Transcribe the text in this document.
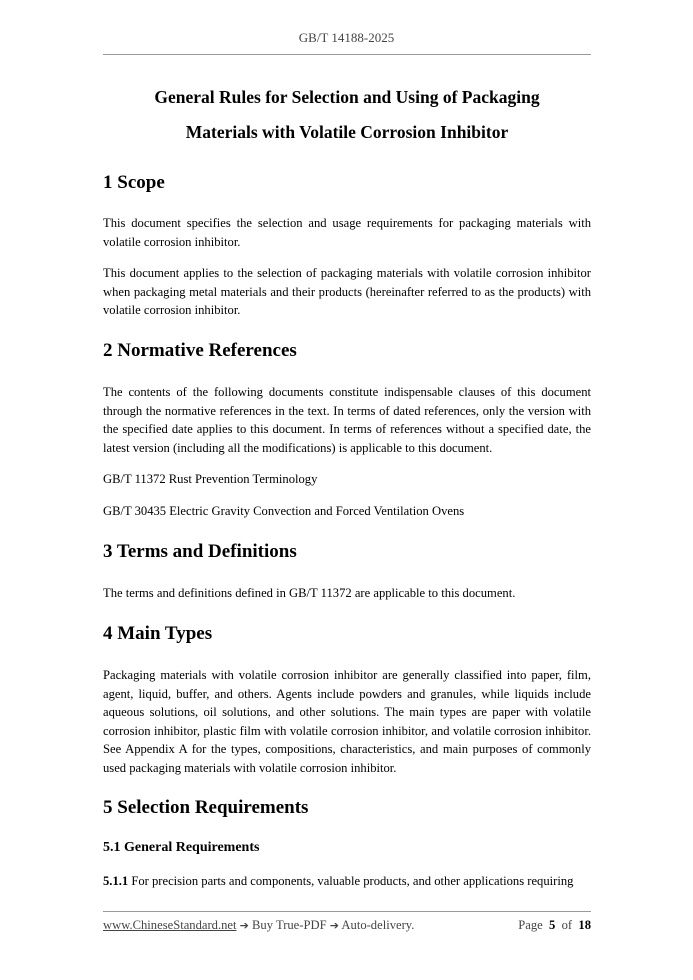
GB/T 14188-2025
General Rules for Selection and Using of Packaging
Materials with Volatile Corrosion Inhibitor
1 Scope
This document specifies the selection and usage requirements for packaging materials with volatile corrosion inhibitor.
This document applies to the selection of packaging materials with volatile corrosion inhibitor when packaging metal materials and their products (hereinafter referred to as the products) with volatile corrosion inhibitor.
2 Normative References
The contents of the following documents constitute indispensable clauses of this document through the normative references in the text. In terms of dated references, only the version with the specified date applies to this document. In terms of references without a specified date, the latest version (including all the modifications) is applicable to this document.
GB/T 11372 Rust Prevention Terminology
GB/T 30435 Electric Gravity Convection and Forced Ventilation Ovens
3 Terms and Definitions
The terms and definitions defined in GB/T 11372 are applicable to this document.
4 Main Types
Packaging materials with volatile corrosion inhibitor are generally classified into paper, film, agent, liquid, buffer, and others. Agents include powders and granules, while liquids include aqueous solutions, oil solutions, and other solutions. The main types are paper with volatile corrosion inhibitor, plastic film with volatile corrosion inhibitor, and volatile corrosion inhibitor. See Appendix A for the types, compositions, characteristics, and main purposes of commonly used packaging materials with volatile corrosion inhibitor.
5 Selection Requirements
5.1 General Requirements
5.1.1 For precision parts and components, valuable products, and other applications requiring
www.ChineseStandard.net ➔ Buy True-PDF ➔ Auto-delivery.	Page 5 of 18
